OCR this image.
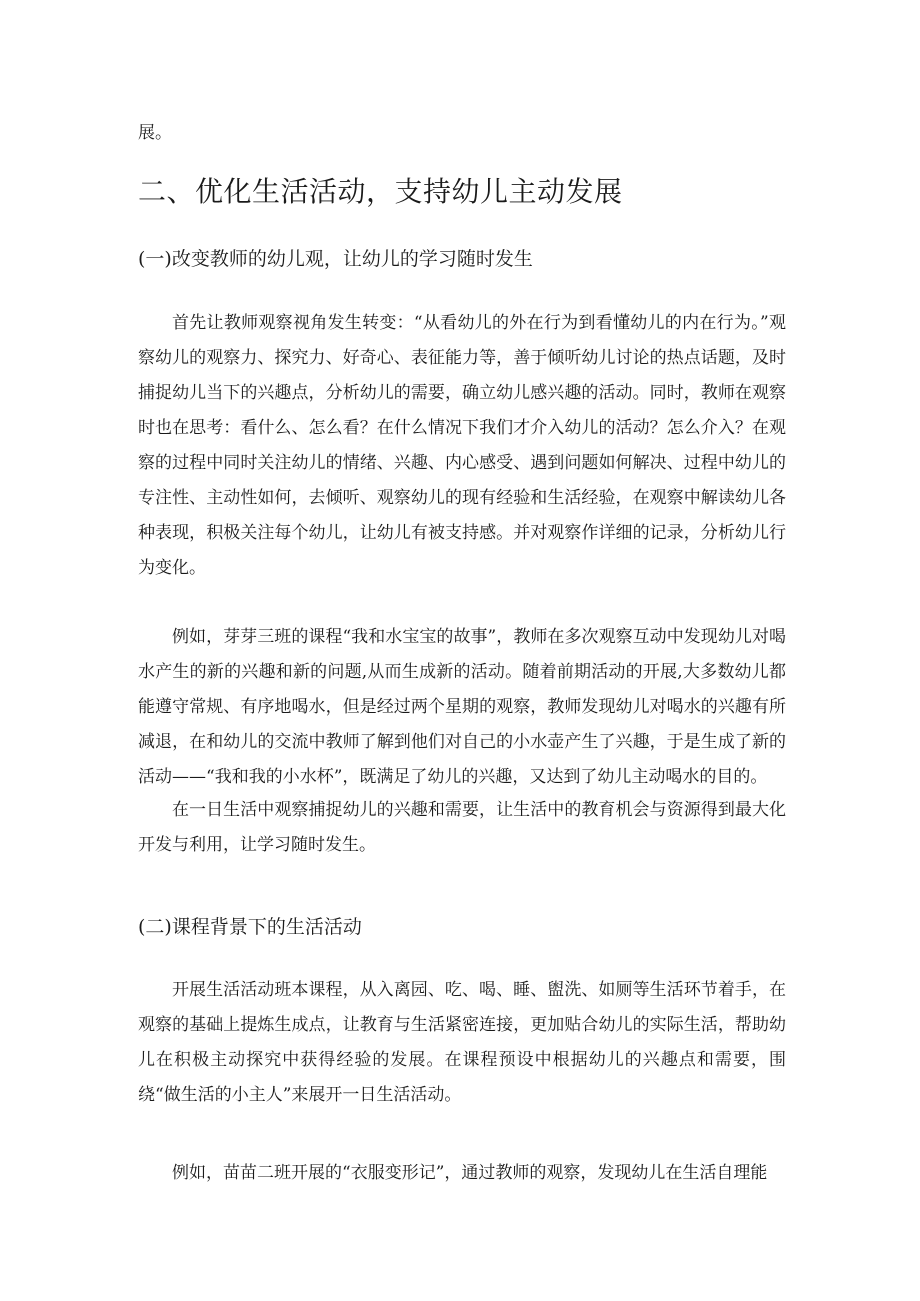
展。

二、优化生活活动，支持幼儿主动发展
(一)改变教师的幼儿观，让幼儿的学习随时发生

首先让教师观察视角发生转变：“从看幼儿的外在行为到看懂幼儿的内在行为。”观察幼儿的观察力、探究力、好奇心、表征能力等，善于倾听幼儿讨论的热点话题，及时捕捉幼儿当下的兴趣点，分析幼儿的需要，确立幼儿感兴趣的活动。同时，教师在观察时也在思考：看什么、怎么看？在什么情况下我们才介入幼儿的活动？怎么介入？在观察的过程中同时关注幼儿的情绪、兴趣、内心感受、遇到问题如何解决、过程中幼儿的专注性、主动性如何，去倾听、观察幼儿的现有经验和生活经验，在观察中解读幼儿各种表现，积极关注每个幼儿，让幼儿有被支持感。并对观察作详细的记录，分析幼儿行为变化。

例如，芽芽三班的课程“我和水宝宝的故事”，教师在多次观察互动中发现幼儿对喝水产生的新的兴趣和新的问题,从而生成新的活动。随着前期活动的开展,大多数幼儿都能遵守常规、有序地喝水，但是经过两个星期的观察，教师发现幼儿对喝水的兴趣有所减退，在和幼儿的交流中教师了解到他们对自己的小水壶产生了兴趣，于是生成了新的活动——“我和我的小水杯”，既满足了幼儿的兴趣，又达到了幼儿主动喝水的目的。

在一日生活中观察捕捉幼儿的兴趣和需要，让生活中的教育机会与资源得到最大化开发与利用，让学习随时发生。

(二)课程背景下的生活活动

开展生活活动班本课程，从入离园、吃、喝、睡、盥洗、如厕等生活环节着手，在观察的基础上提炼生成点，让教育与生活紧密连接，更加贴合幼儿的实际生活，帮助幼儿在积极主动探究中获得经验的发展。在课程预设中根据幼儿的兴趣点和需要，围绕“做生活的小主人”来展开一日生活活动。

例如，苗苗二班开展的“衣服变形记”，通过教师的观察，发现幼儿在生活自理能
